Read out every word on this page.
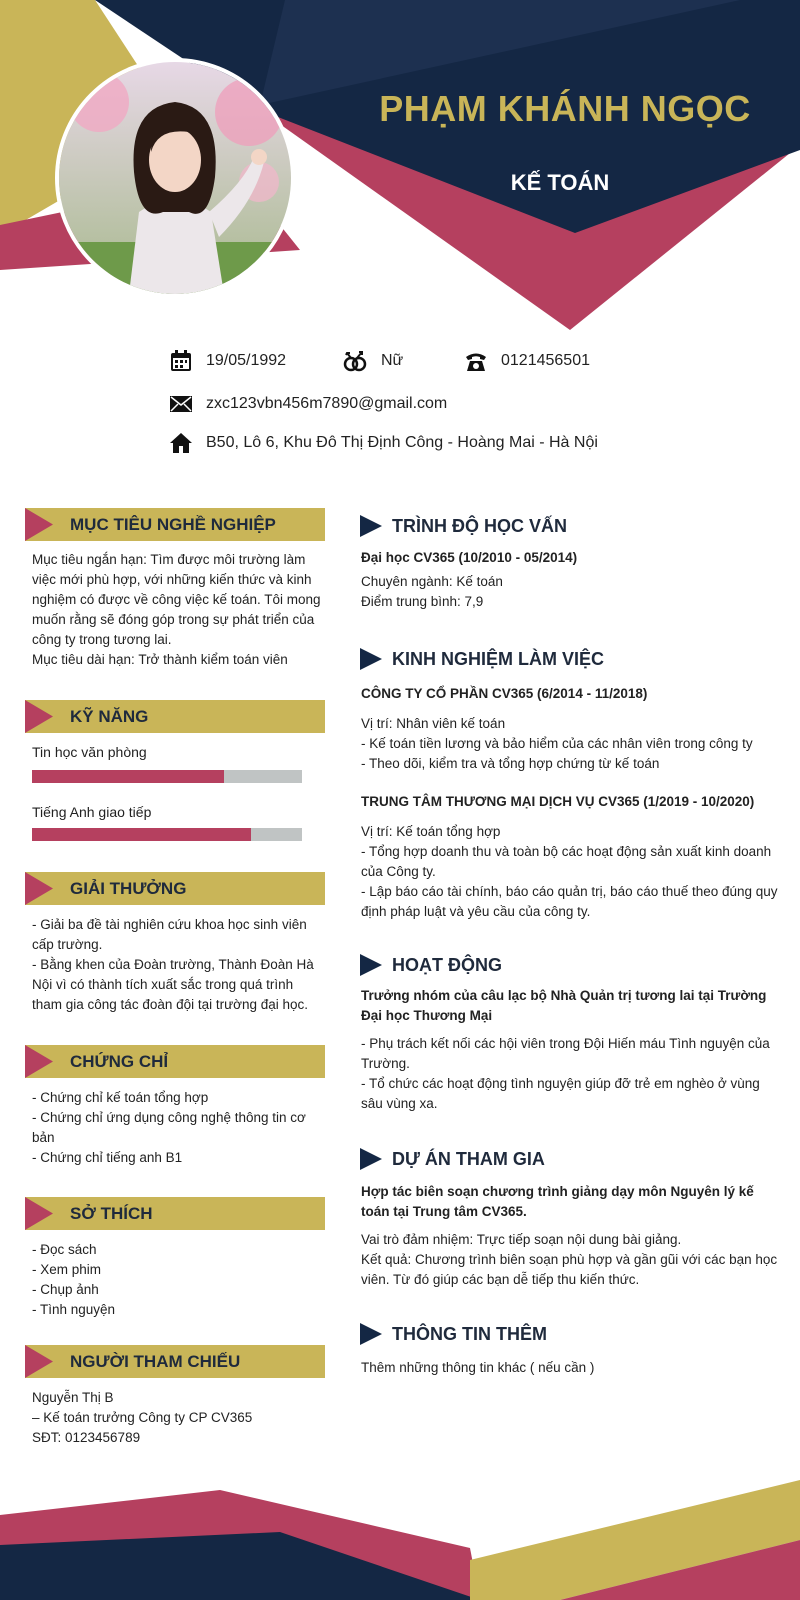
PHẠM KHÁNH NGỌC
KẾ TOÁN
19/05/1992	Nữ	0121456501
zxc123vbn456m7890@gmail.com
B50, Lô 6, Khu Đô Thị Định Công - Hoàng Mai - Hà Nội
MỤC TIÊU NGHỀ NGHIỆP

Mục tiêu ngắn hạn: Tìm được môi trường làm việc mới phù hợp, với những kiến thức và kinh nghiệm có được về công việc kế toán. Tôi mong muốn rằng sẽ đóng góp trong sự phát triển của công ty trong tương lai.

Mục tiêu dài hạn: Trở thành kiểm toán viên

KỸ NĂNG
Tin học văn phòng
Tiếng Anh giao tiếp
GIẢI THƯỞNG

- Giải ba đề tài nghiên cứu khoa học sinh viên cấp trường.

- Bằng khen của Đoàn trường, Thành Đoàn Hà Nội vì có thành tích xuất sắc trong quá trình tham gia công tác đoàn đội tại trường đại học.

CHỨNG CHỈ

- Chứng chỉ kế toán tổng hợp

- Chứng chỉ ứng dụng công nghệ thông tin cơ bản

- Chứng chỉ tiếng anh B1

SỞ THÍCH

- Đọc sách

- Xem phim

- Chụp ảnh

- Tình nguyện

NGƯỜI THAM CHIẾU

Nguyễn Thị B

– Kế toán trưởng Công ty CP CV365

SĐT: 0123456789

TRÌNH ĐỘ HỌC VẤN

Đại học CV365 (10/2010 - 05/2014)

Chuyên ngành: Kế toán

Điểm trung bình: 7,9

KINH NGHIỆM LÀM VIỆC

CÔNG TY CỔ PHẦN CV365 (6/2014 - 11/2018)

Vị trí: Nhân viên kế toán

- Kế toán tiền lương và bảo hiểm của các nhân viên trong công ty

- Theo dõi, kiểm tra và tổng hợp chứng từ kế toán

TRUNG TÂM THƯƠNG MẠI DỊCH VỤ CV365 (1/2019 - 10/2020)

Vị trí: Kế toán tổng hợp

- Tổng hợp doanh thu và toàn bộ các hoạt động sản xuất kinh doanh của Công ty.

- Lập báo cáo tài chính, báo cáo quản trị, báo cáo thuế theo đúng quy định pháp luật và yêu cầu của công ty.

HOẠT ĐỘNG

Trưởng nhóm của câu lạc bộ Nhà Quản trị tương lai tại Trường Đại học Thương Mại

- Phụ trách kết nối các hội viên trong Đội Hiến máu Tình nguyện của Trường.

- Tổ chức các hoạt động tình nguyện giúp đỡ trẻ em nghèo ở vùng sâu vùng xa.

DỰ ÁN THAM GIA

Hợp tác biên soạn chương trình giảng dạy môn Nguyên lý kế toán tại Trung tâm CV365.

Vai trò đảm nhiệm: Trực tiếp soạn nội dung bài giảng.

Kết quả: Chương trình biên soạn phù hợp và gần gũi với các bạn học viên. Từ đó giúp các bạn dễ tiếp thu kiến thức.

THÔNG TIN THÊM

Thêm những thông tin khác ( nếu cần )
